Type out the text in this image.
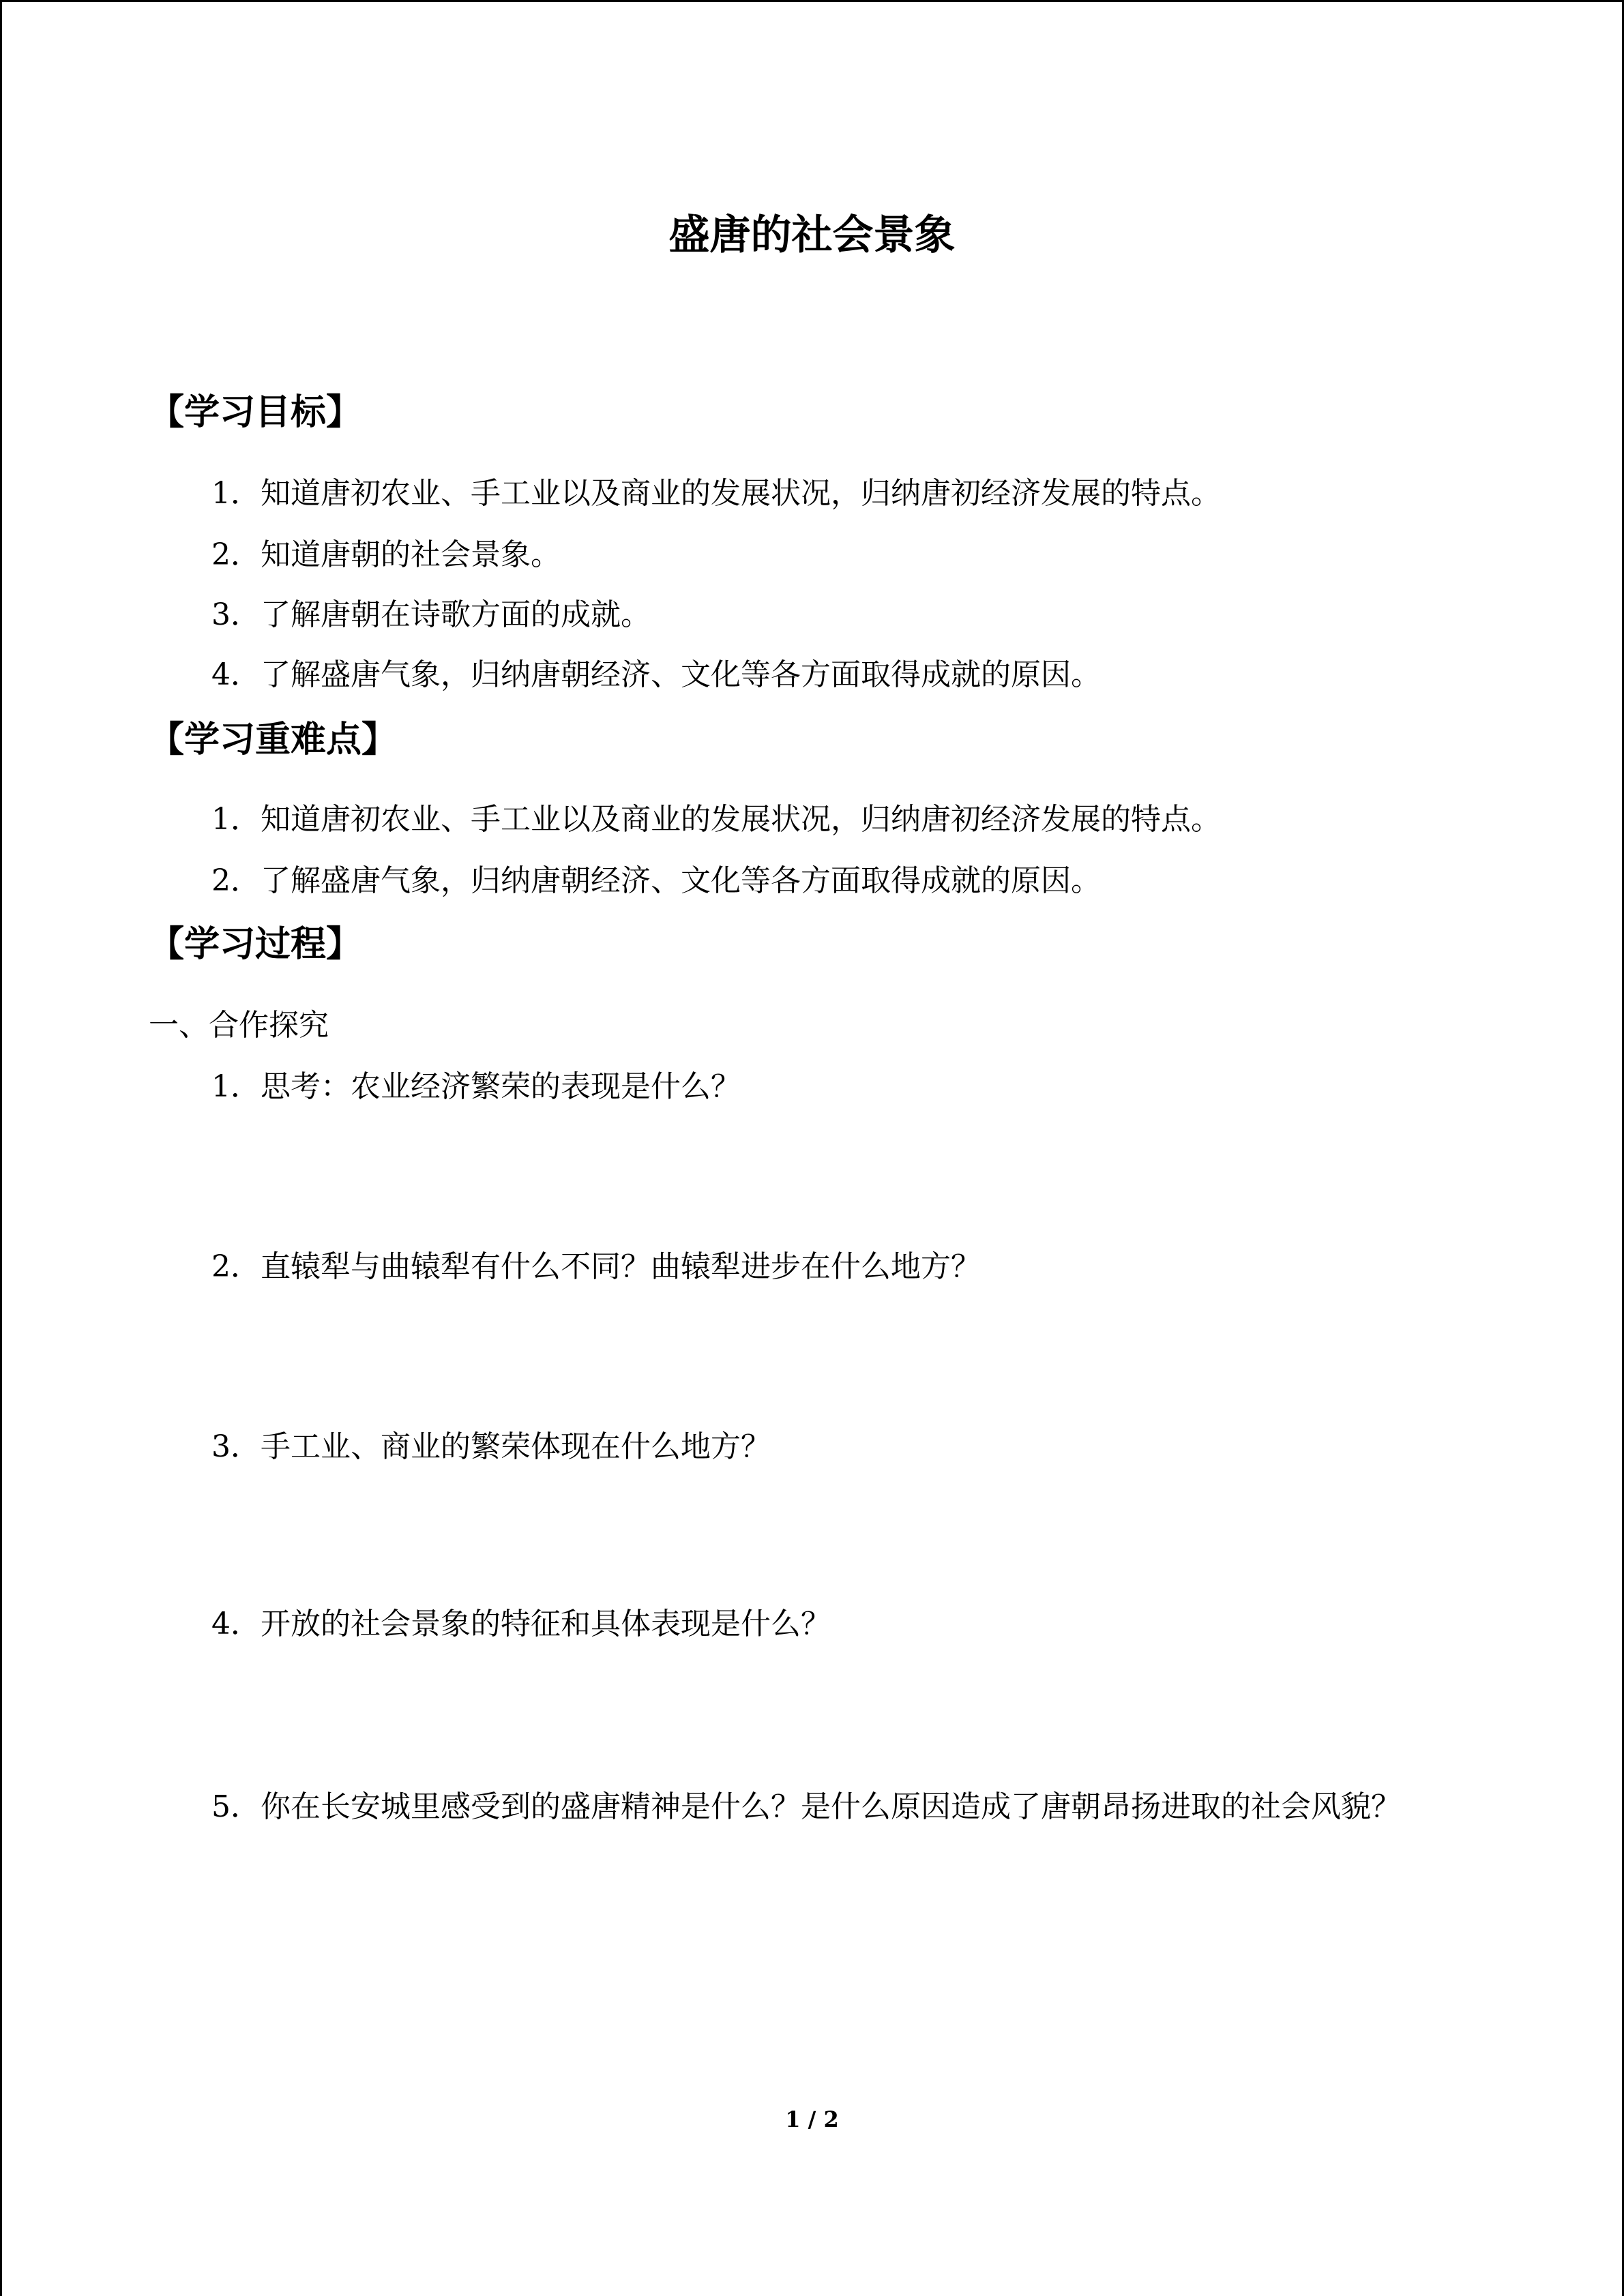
盛唐的社会景象
【学习目标】
1．知道唐初农业、手工业以及商业的发展状况，归纳唐初经济发展的特点。
2．知道唐朝的社会景象。
3．了解唐朝在诗歌方面的成就。
4．了解盛唐气象，归纳唐朝经济、文化等各方面取得成就的原因。
【学习重难点】
1．知道唐初农业、手工业以及商业的发展状况，归纳唐初经济发展的特点。
2．了解盛唐气象，归纳唐朝经济、文化等各方面取得成就的原因。
【学习过程】
一、合作探究
1．思考：农业经济繁荣的表现是什么？
2．直辕犁与曲辕犁有什么不同？曲辕犁进步在什么地方？
3．手工业、商业的繁荣体现在什么地方？
4．开放的社会景象的特征和具体表现是什么？
5．你在长安城里感受到的盛唐精神是什么？是什么原因造成了唐朝昂扬进取的社会风貌？
1 / 2
